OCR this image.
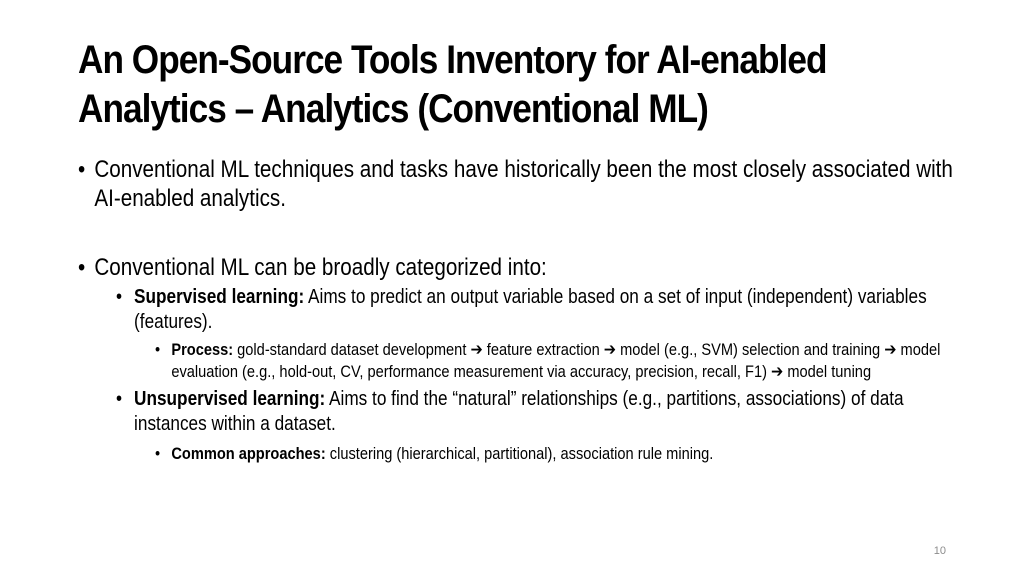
An Open-Source Tools Inventory for AI-enabled
Analytics – Analytics (Conventional ML)
• Conventional ML techniques and tasks have historically been the most closely associated with AI-enabled analytics.
• Conventional ML can be broadly categorized into:
• Supervised learning: Aims to predict an output variable based on a set of input (independent) variables (features).
• Process: gold-standard dataset development ➔ feature extraction ➔ model (e.g., SVM) selection and training ➔ model evaluation (e.g., hold-out, CV, performance measurement via accuracy, precision, recall, F1) ➔ model tuning
• Unsupervised learning: Aims to find the “natural” relationships (e.g., partitions, associations) of data instances within a dataset.
• Common approaches: clustering (hierarchical, partitional), association rule mining.
10
